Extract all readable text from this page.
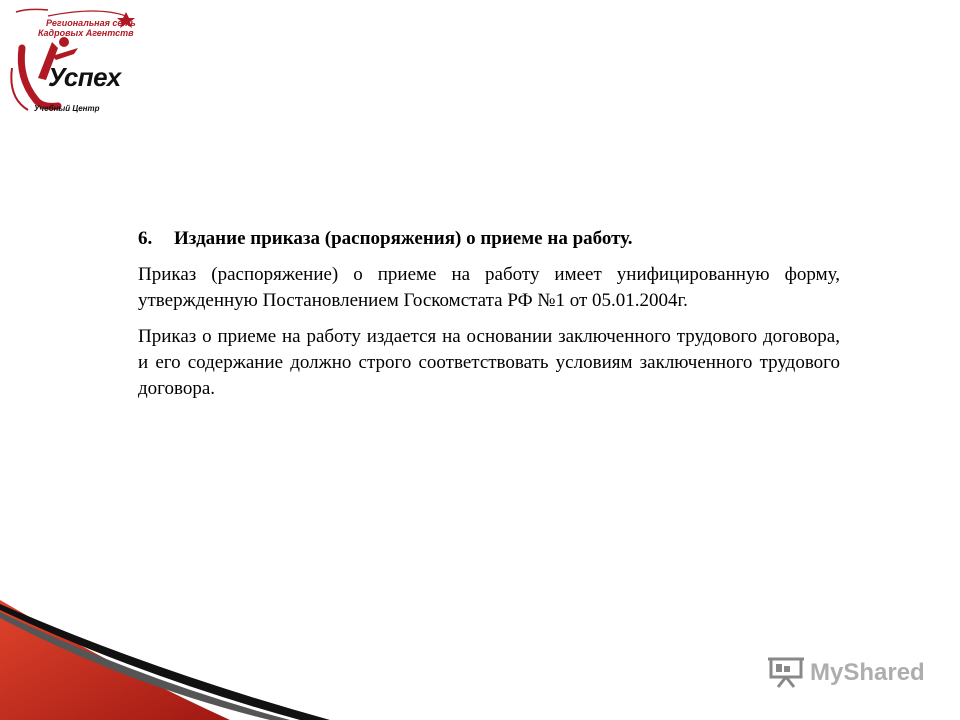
Региональная сеть
Кадровых Агентств
Успех
Учебный Центр

6. Издание приказа (распоряжения) о приеме на работу.

Приказ (распоряжение) о приеме на работу имеет унифицированную форму, утвержденную Постановлением Госкомстата РФ №1 от 05.01.2004г.

Приказ о приеме на работу издается на основании заключенного трудового договора, и его содержание должно строго соответствовать условиям заключенного трудового договора.

MyShared
